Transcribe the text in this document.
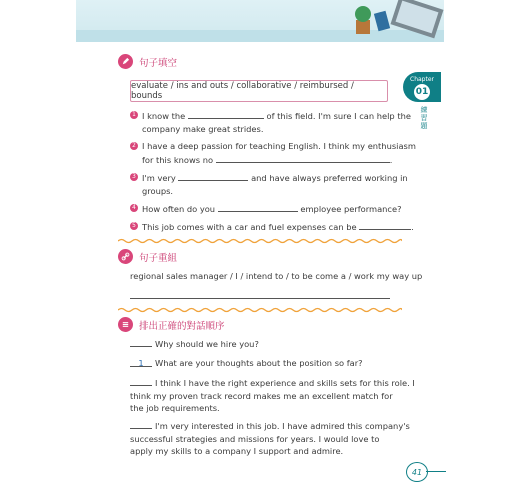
句子填空
evaluate / ins and outs / collaborative / reimbursed / bounds
1 I know the	of this field. I'm sure I can help the
company make great strides.
2 I have a deep passion for teaching English. I think my enthusiasm
for this knows no	.
3 I'm very	and have always preferred working in
groups.
4 How often do you	employee performance?
5 This job comes with a car and fuel expenses can be	.
句子重組
regional sales manager / I / intend to / to be come a / work my way up
排出正確的對話順序
Why should we hire you?
1 What are your thoughts about the position so far?
I think I have the right experience and skills sets for this role. I
think my proven track record makes me an excellent match for
the job requirements.
I'm very interested in this job. I have admired this company's
successful strategies and missions for years. I would love to
apply my skills to a company I support and admire.
Chapter
01
練習題
41
